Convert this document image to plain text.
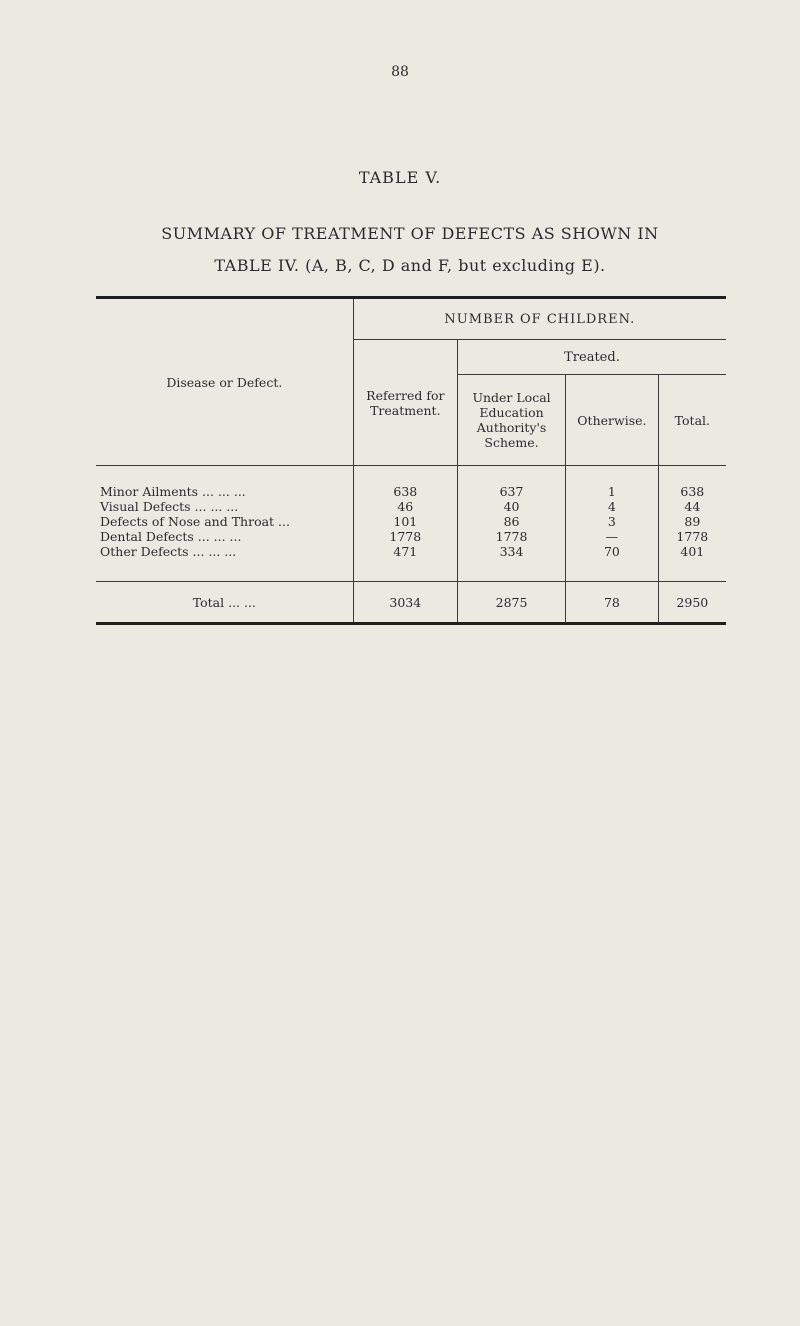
88
TABLE V.
SUMMARY OF TREATMENT OF DEFECTS AS SHOWN IN
TABLE IV. (A, B, C, D and F, but excluding E).
Disease or Defect.	NUMBER OF CHILDREN.			
	Referred for Treatment.	Treated.		
		Under Local Education Authority's Scheme.	Otherwise.	Total.

Minor Ailments ... ... ...	638	637	1	638
Visual Defects ... ... ...	46	40	4	44
Defects of Nose and Throat ...	101	86	3	89
Dental Defects ... ... ...	1778	1778	—	1778
Other Defects ... ... ...	471	334	70	401

Total ... ...	3034	2875	78	2950
